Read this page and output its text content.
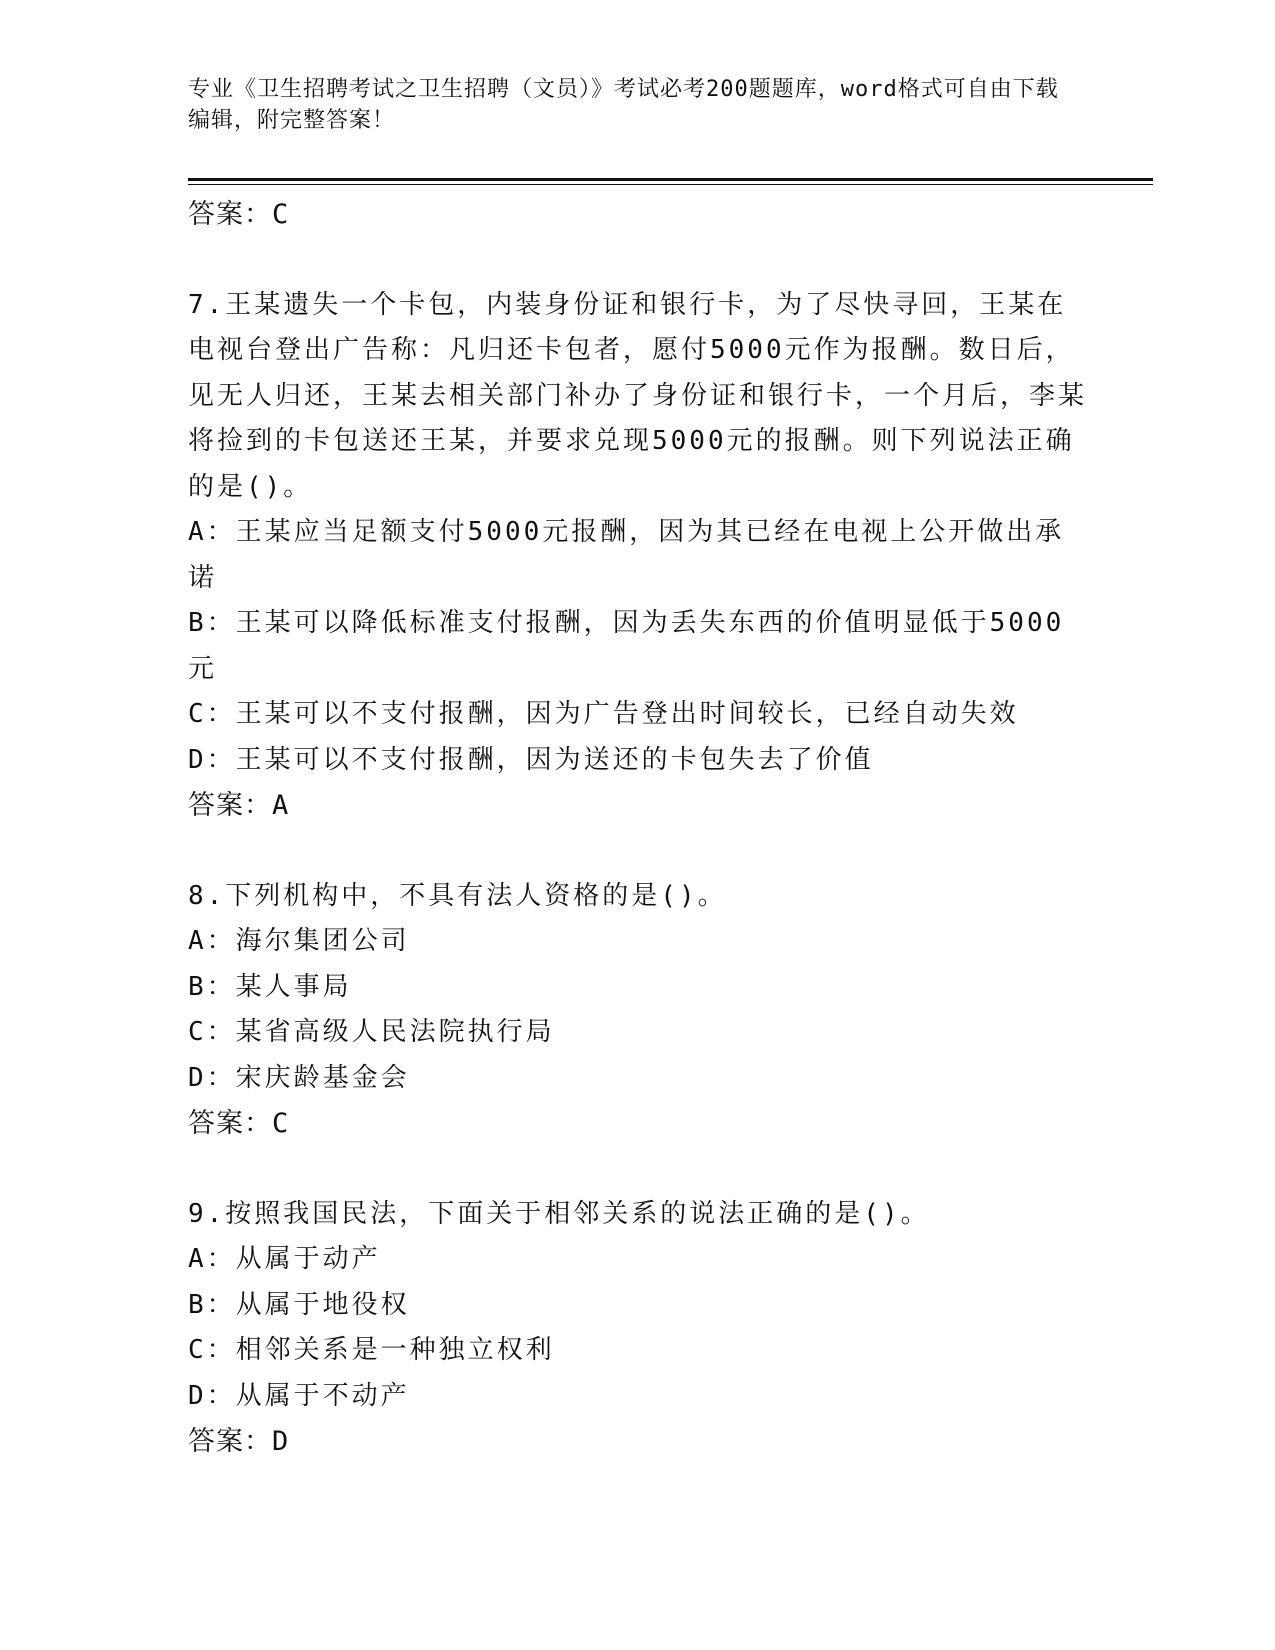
专业《卫生招聘考试之卫生招聘（文员）》考试必考200题题库，word格式可自由下载编辑，附完整答案！

答案：C

7.王某遗失一个卡包，内装身份证和银行卡，为了尽快寻回，王某在电视台登出广告称：凡归还卡包者，愿付5000元作为报酬。数日后，见无人归还，王某去相关部门补办了身份证和银行卡，一个月后，李某将捡到的卡包送还王某，并要求兑现5000元的报酬。则下列说法正确的是()。

A：王某应当足额支付5000元报酬，因为其已经在电视上公开做出承诺

B：王某可以降低标准支付报酬，因为丢失东西的价值明显低于5000元

C：王某可以不支付报酬，因为广告登出时间较长，已经自动失效

D：王某可以不支付报酬，因为送还的卡包失去了价值

答案：A

8.下列机构中，不具有法人资格的是()。

A：海尔集团公司

B：某人事局

C：某省高级人民法院执行局

D：宋庆龄基金会

答案：C

9.按照我国民法，下面关于相邻关系的说法正确的是()。

A：从属于动产

B：从属于地役权

C：相邻关系是一种独立权利

D：从属于不动产

答案：D
